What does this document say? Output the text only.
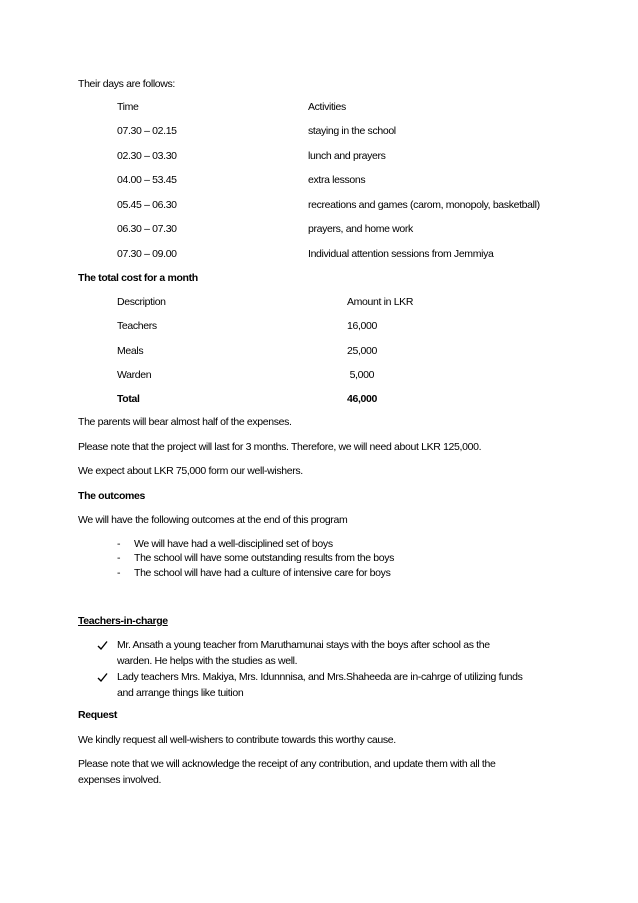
Their days are follows:
Time	Activities
07.30 – 02.15	staying in the school
02.30 – 03.30	lunch and prayers
04.00 – 53.45	extra lessons
05.45 – 06.30	recreations and games (carom, monopoly, basketball)
06.30 – 07.30	prayers, and home work
07.30 – 09.00	Individual attention sessions from Jemmiya
The total cost for a month
Description	Amount in LKR
Teachers	16,000
Meals	25,000
Warden	5,000
Total	46,000
The parents will bear almost half of the expenses.
Please note that the project will last for 3 months. Therefore, we will need about LKR 125,000.
We expect about LKR 75,000 form our well-wishers.
The outcomes
We will have the following outcomes at the end of this program
- We will have had a well-disciplined set of boys
- The school will have some outstanding results from the boys
- The school will have had a culture of intensive care for boys
Teachers-in-charge
Mr. Ansath a young teacher from Maruthamunai stays with the boys after school as the
warden. He helps with the studies as well.
Lady teachers Mrs. Makiya, Mrs. Idunnnisa, and Mrs.Shaheeda are in-cahrge of utilizing funds
and arrange things like tuition
Request
We kindly request all well-wishers to contribute towards this worthy cause.
Please note that we will acknowledge the receipt of any contribution, and update them with all the
expenses involved.
